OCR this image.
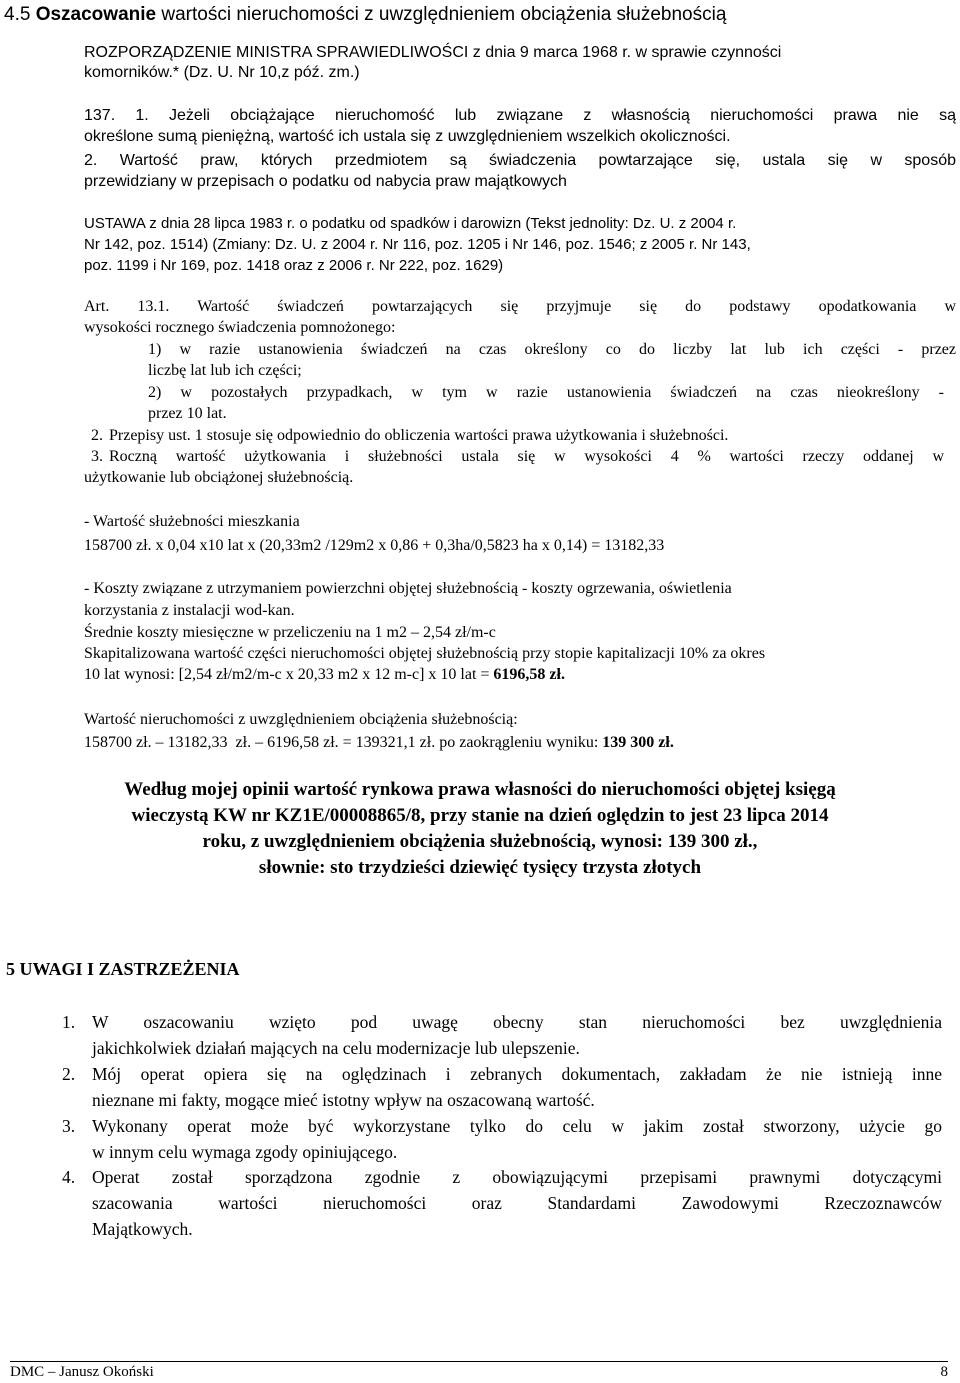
4.5 Oszacowanie wartości nieruchomości z uwzględnieniem obciążenia służebnością
ROZPORZĄDZENIE MINISTRA SPRAWIEDLIWOŚCI z dnia 9 marca 1968 r. w sprawie czynności
komorników.* (Dz. U. Nr 10,z póź. zm.)
137. 1. Jeżeli obciążające nieruchomość lub związane z własnością nieruchomości prawa nie są
określone sumą pieniężną, wartość ich ustala się z uwzględnieniem wszelkich okoliczności.
2. Wartość praw, których przedmiotem są świadczenia powtarzające się, ustala się w sposób
przewidziany w przepisach o podatku od nabycia praw majątkowych
USTAWA z dnia 28 lipca 1983 r. o podatku od spadków i darowizn (Tekst jednolity: Dz. U. z 2004 r.
Nr 142, poz. 1514) (Zmiany: Dz. U. z 2004 r. Nr 116, poz. 1205 i Nr 146, poz. 1546; z 2005 r. Nr 143,
poz. 1199 i Nr 169, poz. 1418 oraz z 2006 r. Nr 222, poz. 1629)
Art. 13.1. Wartość świadczeń powtarzających się przyjmuje się do podstawy opodatkowania w
wysokości rocznego świadczenia pomnożonego:
1) w razie ustanowienia świadczeń na czas określony co do liczby lat lub ich części - przez
liczbę lat lub ich części;
2) w pozostałych przypadkach, w tym w razie ustanowienia świadczeń na czas nieokreślony -
przez 10 lat.
2. Przepisy ust. 1 stosuje się odpowiednio do obliczenia wartości prawa użytkowania i służebności.
3. Roczną wartość użytkowania i służebności ustala się w wysokości 4 % wartości rzeczy oddanej w
użytkowanie lub obciążonej służebnością.
- Wartość służebności mieszkania
158700 zł. x 0,04 x10 lat x (20,33m2 /129m2 x 0,86 + 0,3ha/0,5823 ha x 0,14) = 13182,33
- Koszty związane z utrzymaniem powierzchni objętej służebnością - koszty ogrzewania, oświetlenia
korzystania z instalacji wod-kan.
Średnie koszty miesięczne w przeliczeniu na 1 m2 – 2,54 zł/m-c
Skapitalizowana wartość części nieruchomości objętej służebnością przy stopie kapitalizacji 10% za okres
10 lat wynosi: [2,54 zł/m2/m-c x 20,33 m2 x 12 m-c] x 10 lat = 6196,58 zł.
Wartość nieruchomości z uwzględnieniem obciążenia służebnością:
158700 zł. – 13182,33  zł. – 6196,58 zł. = 139321,1 zł. po zaokrągleniu wyniku: 139 300 zł.
Według mojej opinii wartość rynkowa prawa własności do nieruchomości objętej księgą
wieczystą KW nr KZ1E/00008865/8, przy stanie na dzień oględzin to jest 23 lipca 2014
roku, z uwzględnieniem obciążenia służebnością, wynosi: 139 300 zł.,
słownie: sto trzydzieści dziewięć tysięcy trzysta złotych
5 UWAGI I ZASTRZEŻENIA
1. W oszacowaniu wzięto pod uwagę obecny stan nieruchomości bez uwzględnienia
jakichkolwiek działań mających na celu modernizacje lub ulepszenie.
2. Mój operat opiera się na oględzinach i zebranych dokumentach, zakładam że nie istnieją inne
nieznane mi fakty, mogące mieć istotny wpływ na oszacowaną wartość.
3. Wykonany operat może być wykorzystane tylko do celu w jakim został stworzony, użycie go
w innym celu wymaga zgody opiniującego.
4. Operat został sporządzona zgodnie z obowiązującymi przepisami prawnymi dotyczącymi
szacowania wartości nieruchomości oraz Standardami Zawodowymi Rzeczoznawców
Majątkowych.
DMC – Janusz Okoński	8
